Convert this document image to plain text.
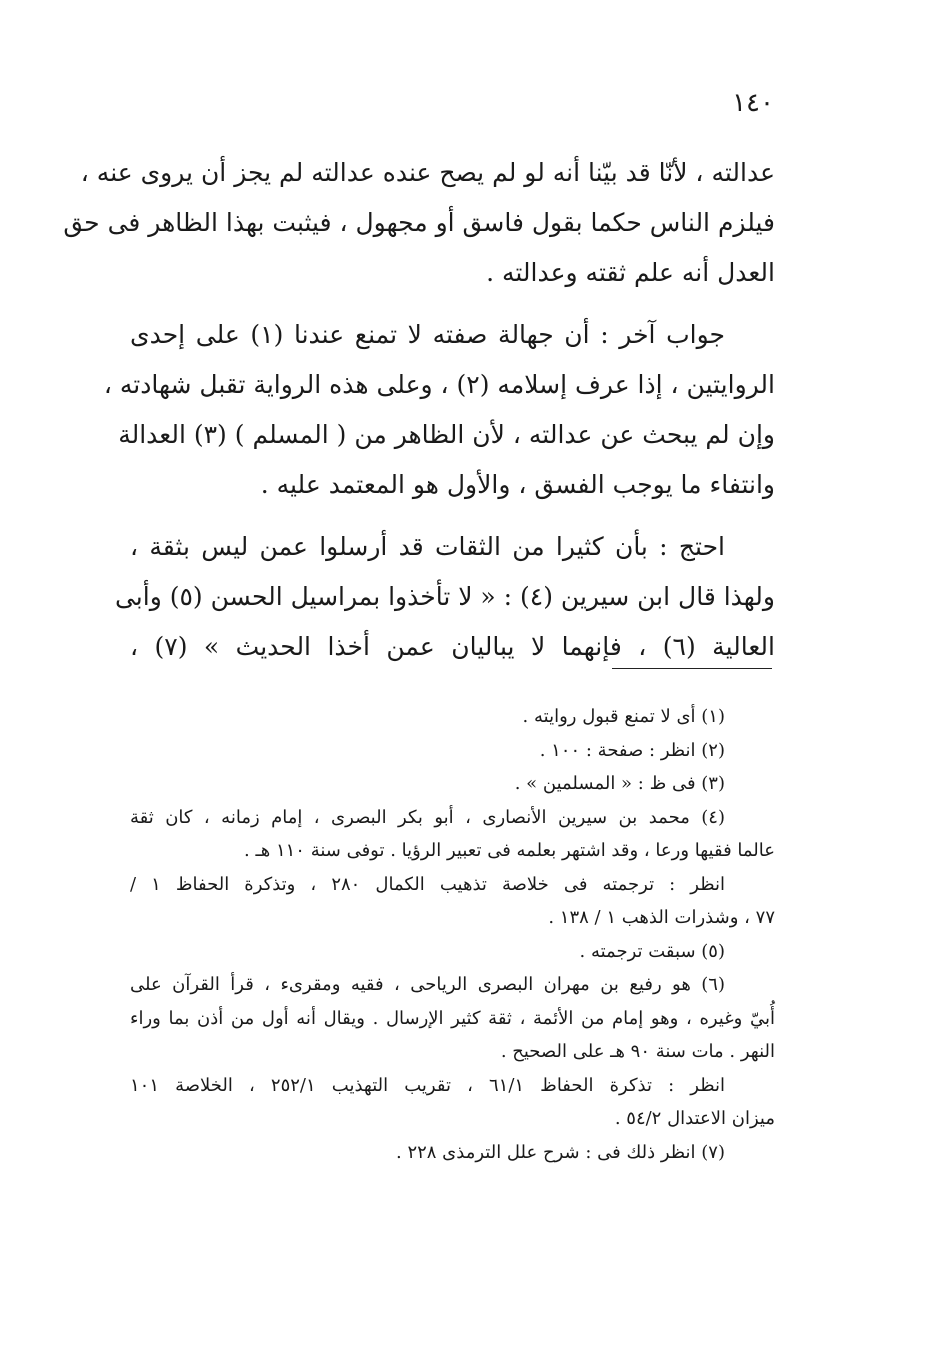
١٤٠
عدالته ، لأنّا قد بيّنا أنه لو لم يصح عنده عدالته لم يجز أن يروى عنه ،
فيلزم الناس حكما بقول فاسق أو مجهول ، فيثبت بهذا الظاهر فى حق
العدل أنه علم ثقته وعدالته .
جواب آخر : أن جهالة صفته لا تمنع عندنا (١) على إحدى
الروايتين ، إذا عرف إسلامه (٢) ، وعلى هذه الرواية تقبل شهادته ،
وإن لم يبحث عن عدالته ، لأن الظاهر من ( المسلم ) (٣) العدالة
وانتفاء ما يوجب الفسق ، والأول هو المعتمد عليه .
احتج : بأن كثيرا من الثقات قد أرسلوا عمن ليس بثقة ،
ولهذا قال ابن سيرين (٤) : « لا تأخذوا بمراسيل الحسن (٥) وأبى
العالية (٦) ، فإنهما لا يباليان عمن أخذا الحديث » (٧) ،
(١) أى لا تمنع قبول روايته .
(٢) انظر : صفحة : ١٠٠ .
(٣) فى ظ : « المسلمين » .
(٤) محمد بن سيرين الأنصارى ، أبو بكر البصرى ، إمام زمانه ، كان ثقة
عالما فقيها ورعا ، وقد اشتهر بعلمه فى تعبير الرؤيا . توفى سنة ١١٠ هـ .
انظر : ترجمته فى خلاصة تذهيب الكمال ٢٨٠ ، وتذكرة الحفاظ ١ /
٧٧ ، وشذرات الذهب ١ / ١٣٨ .
(٥) سبقت ترجمته .
(٦) هو رفيع بن مهران البصرى الرياحى ، فقيه ومقرىء ، قرأ القرآن على
أُبيّ وغيره ، وهو إمام من الأئمة ، ثقة كثير الإرسال . ويقال أنه أول من أذن بما وراء
النهر . مات سنة ٩٠ هـ على الصحيح .
انظر : تذكرة الحفاظ ٦١/١ ، تقريب التهذيب ٢٥٢/١ ، الخلاصة ١٠١
ميزان الاعتدال ٥٤/٢ .
(٧) انظر ذلك فى : شرح علل الترمذى ٢٢٨ .
